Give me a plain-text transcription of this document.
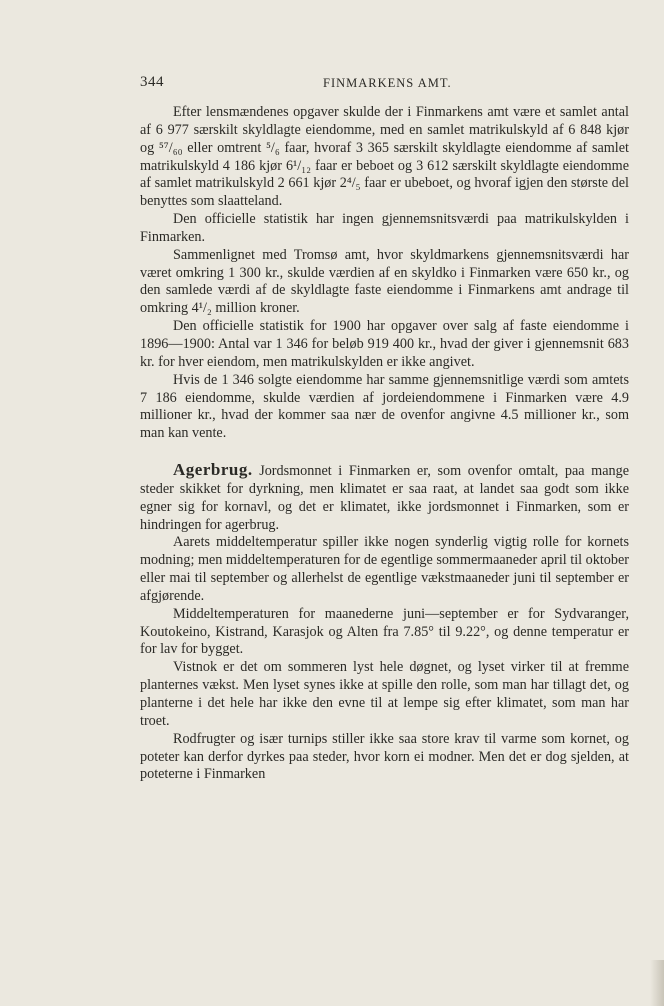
344	FINMARKENS AMT.

Efter lensmændenes opgaver skulde der i Finmarkens amt være et samlet antal af 6 977 særskilt skyldlagte eiendomme, med en samlet matrikulskyld af 6 848 kjør og ⁵⁷/₆₀ eller omtrent ⁵/₆ faar, hvoraf 3 365 særskilt skyldlagte eiendomme af samlet matrikulskyld 4 186 kjør 6¹/₁₂ faar er beboet og 3 612 særskilt skyldlagte eiendomme af samlet matrikulskyld 2 661 kjør 2⁴/₅ faar er ubeboet, og hvoraf igjen den største del benyttes som slaatteland.

Den officielle statistik har ingen gjennemsnitsværdi paa matrikulskylden i Finmarken.

Sammenlignet med Tromsø amt, hvor skyldmarkens gjennemsnitsværdi har været omkring 1 300 kr., skulde værdien af en skyldko i Finmarken være 650 kr., og den samlede værdi af de skyldlagte faste eiendomme i Finmarkens amt andrage til omkring 4¹/₂ million kroner.

Den officielle statistik for 1900 har opgaver over salg af faste eiendomme i 1896—1900: Antal var 1 346 for beløb 919 400 kr., hvad der giver i gjennemsnit 683 kr. for hver eiendom, men matrikulskylden er ikke angivet.

Hvis de 1 346 solgte eiendomme har samme gjennemsnitlige værdi som amtets 7 186 eiendomme, skulde værdien af jordeiendommene i Finmarken være 4.9 millioner kr., hvad der kommer saa nær de ovenfor angivne 4.5 millioner kr., som man kan vente.

Agerbrug. Jordsmonnet i Finmarken er, som ovenfor omtalt, paa mange steder skikket for dyrkning, men klimatet er saa raat, at landet saa godt som ikke egner sig for kornavl, og det er klimatet, ikke jordsmonnet i Finmarken, som er hindringen for agerbrug.

Aarets middeltemperatur spiller ikke nogen synderlig vigtig rolle for kornets modning; men middeltemperaturen for de egentlige sommermaaneder april til oktober eller mai til september og allerhelst de egentlige vækstmaaneder juni til september er afgjørende.

Middeltemperaturen for maanederne juni—september er for Sydvaranger, Koutokeino, Kistrand, Karasjok og Alten fra 7.85° til 9.22°, og denne temperatur er for lav for bygget.

Vistnok er det om sommeren lyst hele døgnet, og lyset virker til at fremme planternes vækst. Men lyset synes ikke at spille den rolle, som man har tillagt det, og planterne i det hele har ikke den evne til at lempe sig efter klimatet, som man har troet.

Rodfrugter og især turnips stiller ikke saa store krav til varme som kornet, og poteter kan derfor dyrkes paa steder, hvor korn ei modner. Men det er dog sjelden, at poteterne i Finmarken
